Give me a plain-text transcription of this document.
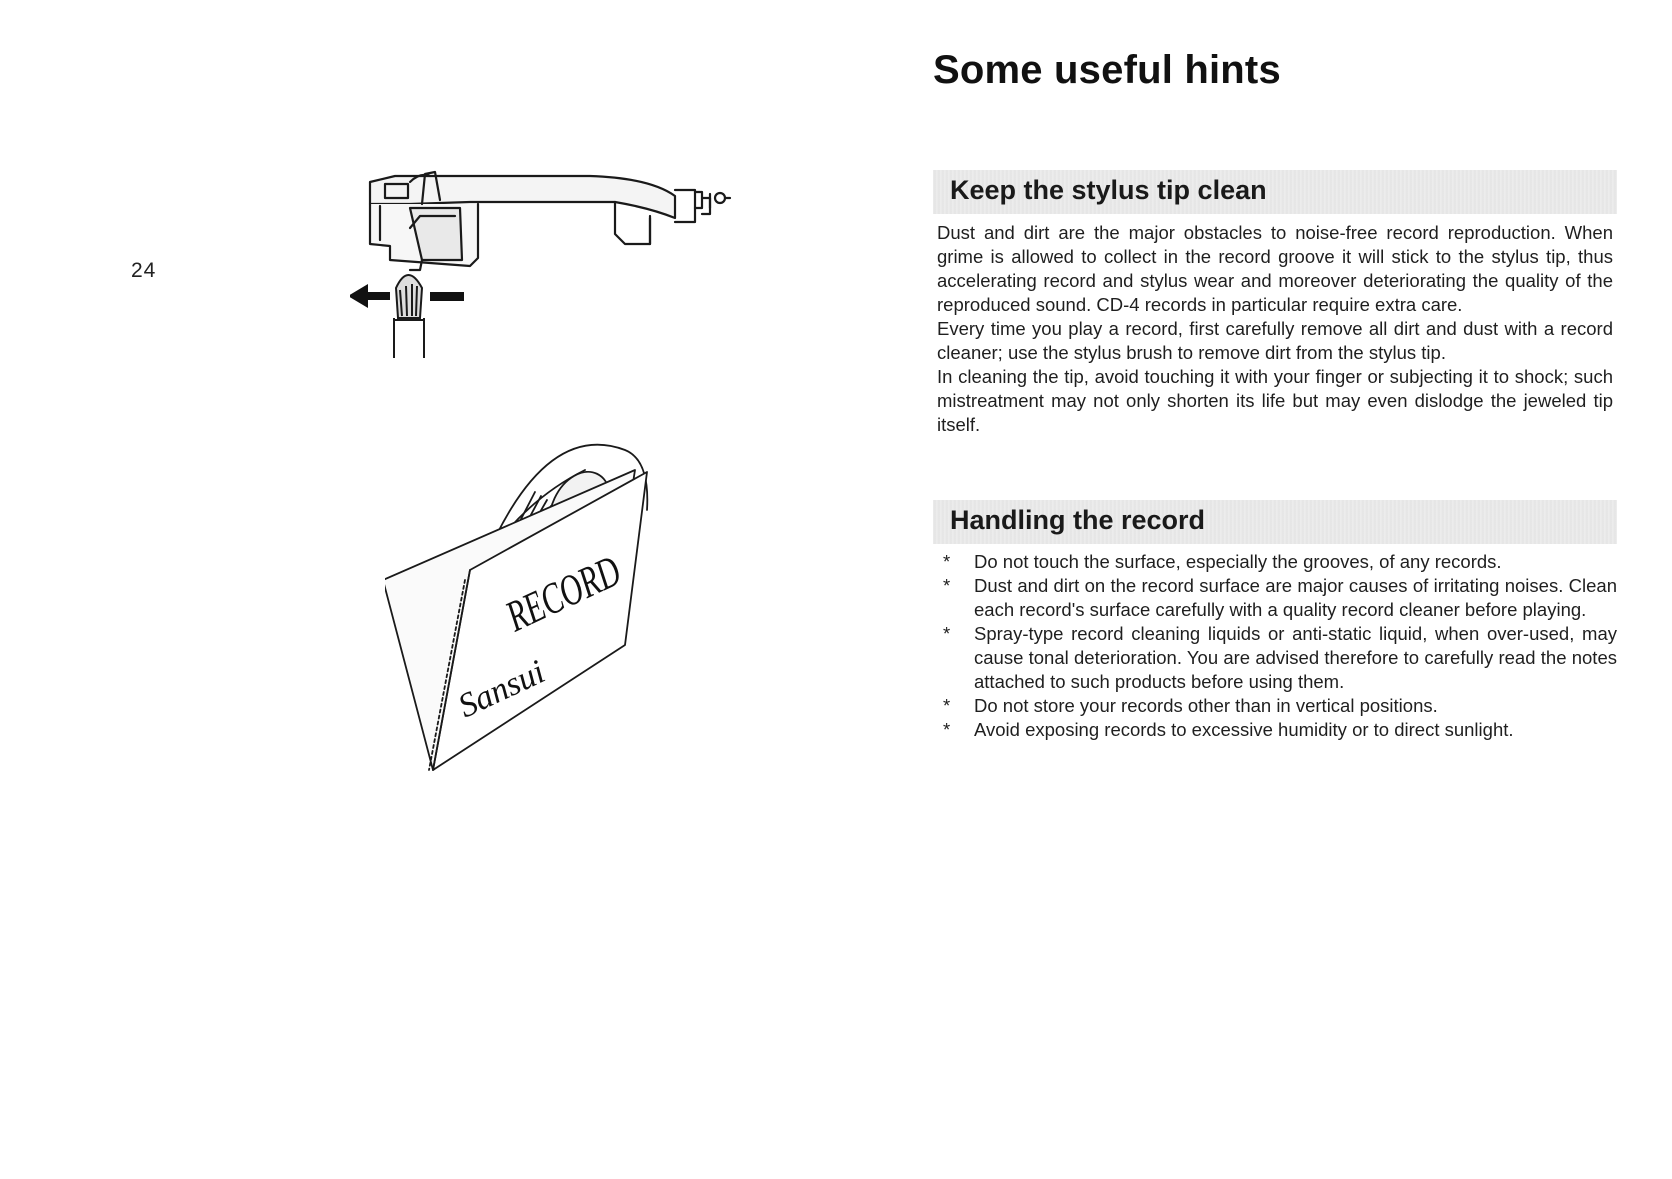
24
RECORD
Sansui
Some useful hints
Keep the stylus tip clean

Dust and dirt are the major obstacles to noise-free record reproduction. When grime is allowed to collect in the record groove it will stick to the stylus tip, thus accelerating record and stylus wear and moreover deteriorating the quality of the reproduced sound. CD-4 records in particular require extra care.

Every time you play a record, first carefully remove all dirt and dust with a record cleaner; use the stylus brush to remove dirt from the stylus tip.

In cleaning the tip, avoid touching it with your finger or subjecting it to shock; such mistreatment may not only shorten its life but may even dislodge the jeweled tip itself.

Handling the record
* Do not touch the surface, especially the grooves, of any records.
* Dust and dirt on the record surface are major causes of irritating noises. Clean each record's surface carefully with a quality record cleaner before playing.
* Spray-type record cleaning liquids or anti-static liquid, when over-used, may cause tonal deterioration. You are advised therefore to carefully read the notes attached to such products before using them.
* Do not store your records other than in vertical positions.
* Avoid exposing records to excessive humidity or to direct sunlight.
